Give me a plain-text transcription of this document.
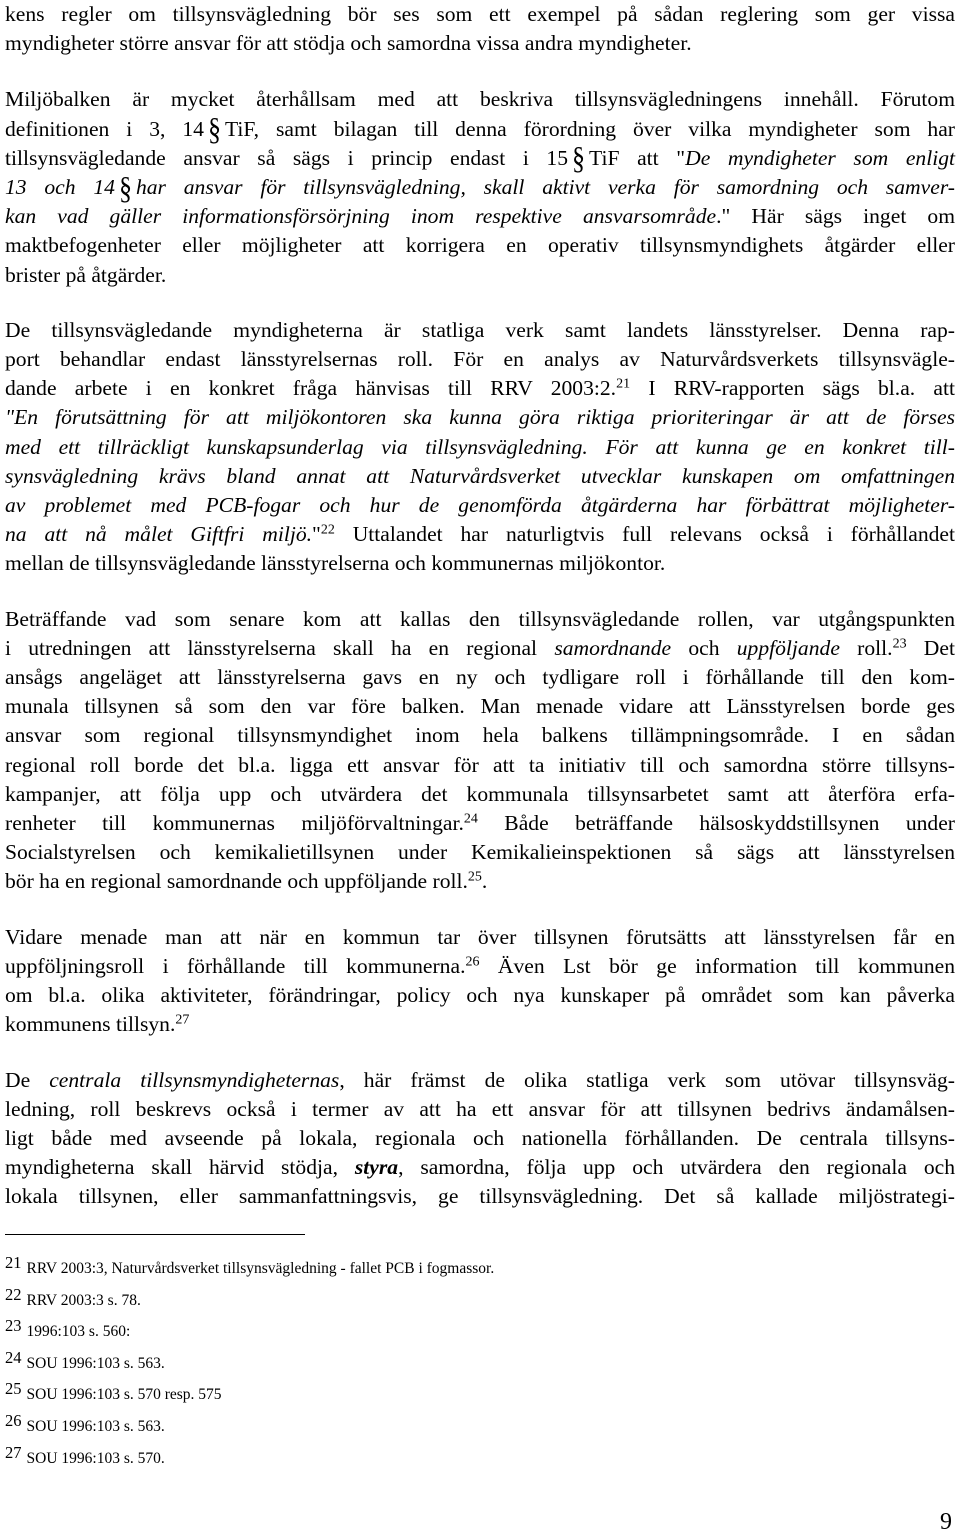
kens regler om tillsynsvägledning bör ses som ett exempel på sådan reglering som ger vissa
myndigheter större ansvar för att stödja och samordna vissa andra myndigheter.

Miljöbalken är mycket återhållsam med att beskriva tillsynsvägledningens innehåll. Förutom
definitionen i 3, 14 § TiF, samt bilagan till denna förordning över vilka myndigheter som har
tillsynsvägledande ansvar så sägs i princip endast i 15 § TiF att "De myndigheter som enligt
13 och 14 § har ansvar för tillsynsvägledning, skall aktivt verka för samordning och samver-
kan vad gäller informationsförsörjning inom respektive ansvarsområde." Här sägs inget om
maktbefogenheter eller möjligheter att korrigera en operativ tillsynsmyndighets åtgärder eller
brister på åtgärder.

De tillsynsvägledande myndigheterna är statliga verk samt landets länsstyrelser. Denna rap-
port behandlar endast länsstyrelsernas roll. För en analys av Naturvårdsverkets tillsynsvägle-
dande arbete i en konkret fråga hänvisas till RRV 2003:2.21 I RRV-rapporten sägs bl.a. att
"En förutsättning för att miljökontoren ska kunna göra riktiga prioriteringar är att de förses
med ett tillräckligt kunskapsunderlag via tillsynsvägledning. För att kunna ge en konkret till-
synsvägledning krävs bland annat att Naturvårdsverket utvecklar kunskapen om omfattningen
av problemet med PCB-fogar och hur de genomförda åtgärderna har förbättrat möjligheter-
na att nå målet Giftfri miljö."$^{22}$ Uttalandet har naturligtvis full relevans också i förhållandet
mellan de tillsynsvägledande länsstyrelserna och kommunernas miljökontor.

Beträffande vad som senare kom att kallas den tillsynsvägledande rollen, var utgångspunkten
i utredningen att länsstyrelserna skall ha en regional samordnande och uppföljande roll.$^{23}$ Det
ansågs angeläget att länsstyrelserna gavs en ny och tydligare roll i förhållande till den kom-
munala tillsynen så som den var före balken. Man menade vidare att Länsstyrelsen borde ges
ansvar som regional tillsynsmyndighet inom hela balkens tillämpningsområde. I en sådan
regional roll borde det bl.a. ligga ett ansvar för att ta initiativ till och samordna större tillsyns-
kampanjer, att följa upp och utvärdera det kommunala tillsynsarbetet samt att återföra erfa-
renheter till kommunernas miljöförvaltningar.$^{24}$ Både beträffande hälsoskyddstillsynen under
Socialstyrelsen och kemikalietillsynen under Kemikalieinspektionen så sägs att länsstyrelsen
bör ha en regional samordnande och uppföljande roll.$^{25}$.

Vidare menade man att när en kommun tar över tillsynen förutsätts att länsstyrelsen får en
uppföljningsroll i förhållande till kommunerna.$^{26}$ Även Lst bör ge information till kommunen
om bl.a. olika aktiviteter, förändringar, policy och nya kunskaper på området som kan påverka
kommunens tillsyn.$^{27}$

De centrala tillsynsmyndigheternas, här främst de olika statliga verk som utövar tillsynsväg-
ledning, roll beskrevs också i termer av att ha ett ansvar för att tillsynen bedrivs ändamålsen-
ligt både med avseende på lokala, regionala och nationella förhållanden. De centrala tillsyns-
myndigheterna skall härvid stödja, styra, samordna, följa upp och utvärdera den regionala och
lokala tillsynen, eller sammanfattningsvis, ge tillsynsvägledning. Det så kallade miljöstrategi-

21 RRV 2003:3, Naturvårdsverket tillsynsvägledning - fallet PCB i fogmassor.
22 RRV 2003:3 s. 78.
23 1996:103 s. 560:
24 SOU 1996:103 s. 563.
25 SOU 1996:103 s. 570 resp. 575
26 SOU 1996:103 s. 563.
27 SOU 1996:103 s. 570.
9
